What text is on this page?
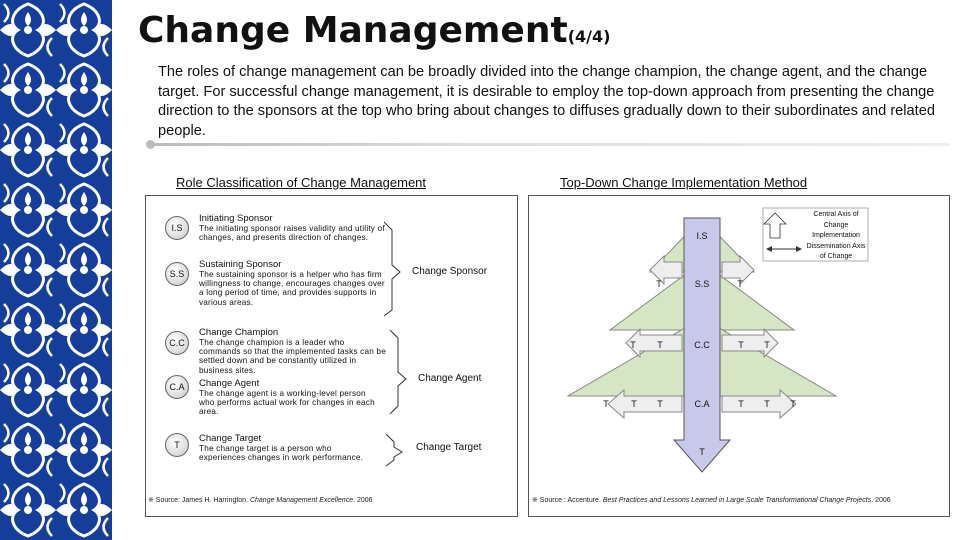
Change Management(4/4)
The roles of change management can be broadly divided into the change champion, the change agent, and the change target. For successful change management, it is desirable to employ the top-down approach from presenting the change direction to the sponsors at the top who bring about changes to diffuses gradually down to their subordinates and related people.
Role Classification of Change Management
I.S
Initiating Sponsor
The initiating sponsor raises validity and utility of changes, and presents direction of changes.
S.S
Sustaining Sponsor
The sustaining sponsor is a helper who has firm willingness to change, encourages changes over a long period of time, and provides supports in various areas.
C.C
Change Champion
The change champion is a leader who commands so that the implemented tasks can be settled down and be constantly utilized in business sites.
C.A	Change Agent
The change agent is a working-level person who performs actual work for changes in each area.
T
Change Target
The change target is a person who experiences changes in work performance.
Change Sponsor
Change Agent
Change Target
※ Source: James H. Harrington. Change Management Excellence. 2006
Top-Down Change Implementation Method
Central Axis of Change Implementation Dissemination Axis of Change
I.S
S.S
C.C
C.A
T
T	T
T	T	T	T
T	T	T	T	T	T
※ Source : Accenture. Best Practices and Lessons Learned in Large Scale Transformational Change Projects. 2006
